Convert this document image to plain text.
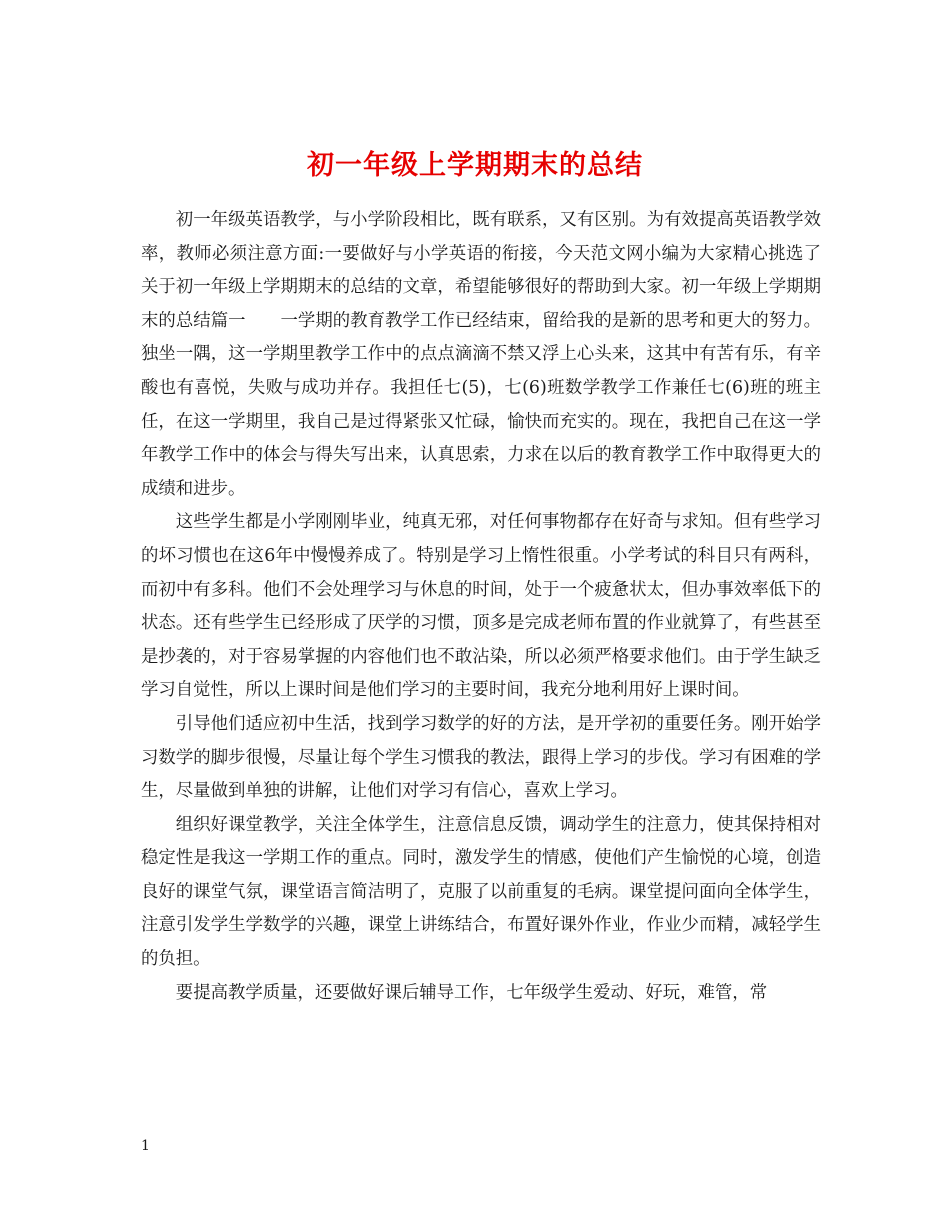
初一年级上学期期末的总结

初一年级英语教学，与小学阶段相比，既有联系，又有区别。为有效提高英语教学效率，教师必须注意方面:一要做好与小学英语的衔接，今天范文网小编为大家精心挑选了关于初一年级上学期期末的总结的文章，希望能够很好的帮助到大家。初一年级上学期期末的总结篇一　　一学期的教育教学工作已经结束，留给我的是新的思考和更大的努力。独坐一隅，这一学期里教学工作中的点点滴滴不禁又浮上心头来，这其中有苦有乐，有辛酸也有喜悦，失败与成功并存。我担任七(5)，七(6)班数学教学工作兼任七(6)班的班主任，在这一学期里，我自己是过得紧张又忙碌，愉快而充实的。现在，我把自己在这一学年教学工作中的体会与得失写出来，认真思索，力求在以后的教育教学工作中取得更大的成绩和进步。

这些学生都是小学刚刚毕业，纯真无邪，对任何事物都存在好奇与求知。但有些学习的坏习惯也在这6年中慢慢养成了。特别是学习上惰性很重。小学考试的科目只有两科，而初中有多科。他们不会处理学习与休息的时间，处于一个疲惫状太，但办事效率低下的状态。还有些学生已经形成了厌学的习惯，顶多是完成老师布置的作业就算了，有些甚至是抄袭的，对于容易掌握的内容他们也不敢沾染，所以必须严格要求他们。由于学生缺乏学习自觉性，所以上课时间是他们学习的主要时间，我充分地利用好上课时间。

引导他们适应初中生活，找到学习数学的好的方法，是开学初的重要任务。刚开始学习数学的脚步很慢，尽量让每个学生习惯我的教法，跟得上学习的步伐。学习有困难的学生，尽量做到单独的讲解，让他们对学习有信心，喜欢上学习。

组织好课堂教学，关注全体学生，注意信息反馈，调动学生的注意力，使其保持相对稳定性是我这一学期工作的重点。同时，激发学生的情感，使他们产生愉悦的心境，创造良好的课堂气氛，课堂语言简洁明了，克服了以前重复的毛病。课堂提问面向全体学生，注意引发学生学数学的兴趣，课堂上讲练结合，布置好课外作业，作业少而精，减轻学生的负担。

要提高教学质量，还要做好课后辅导工作，七年级学生爱动、好玩，难管，常

1
